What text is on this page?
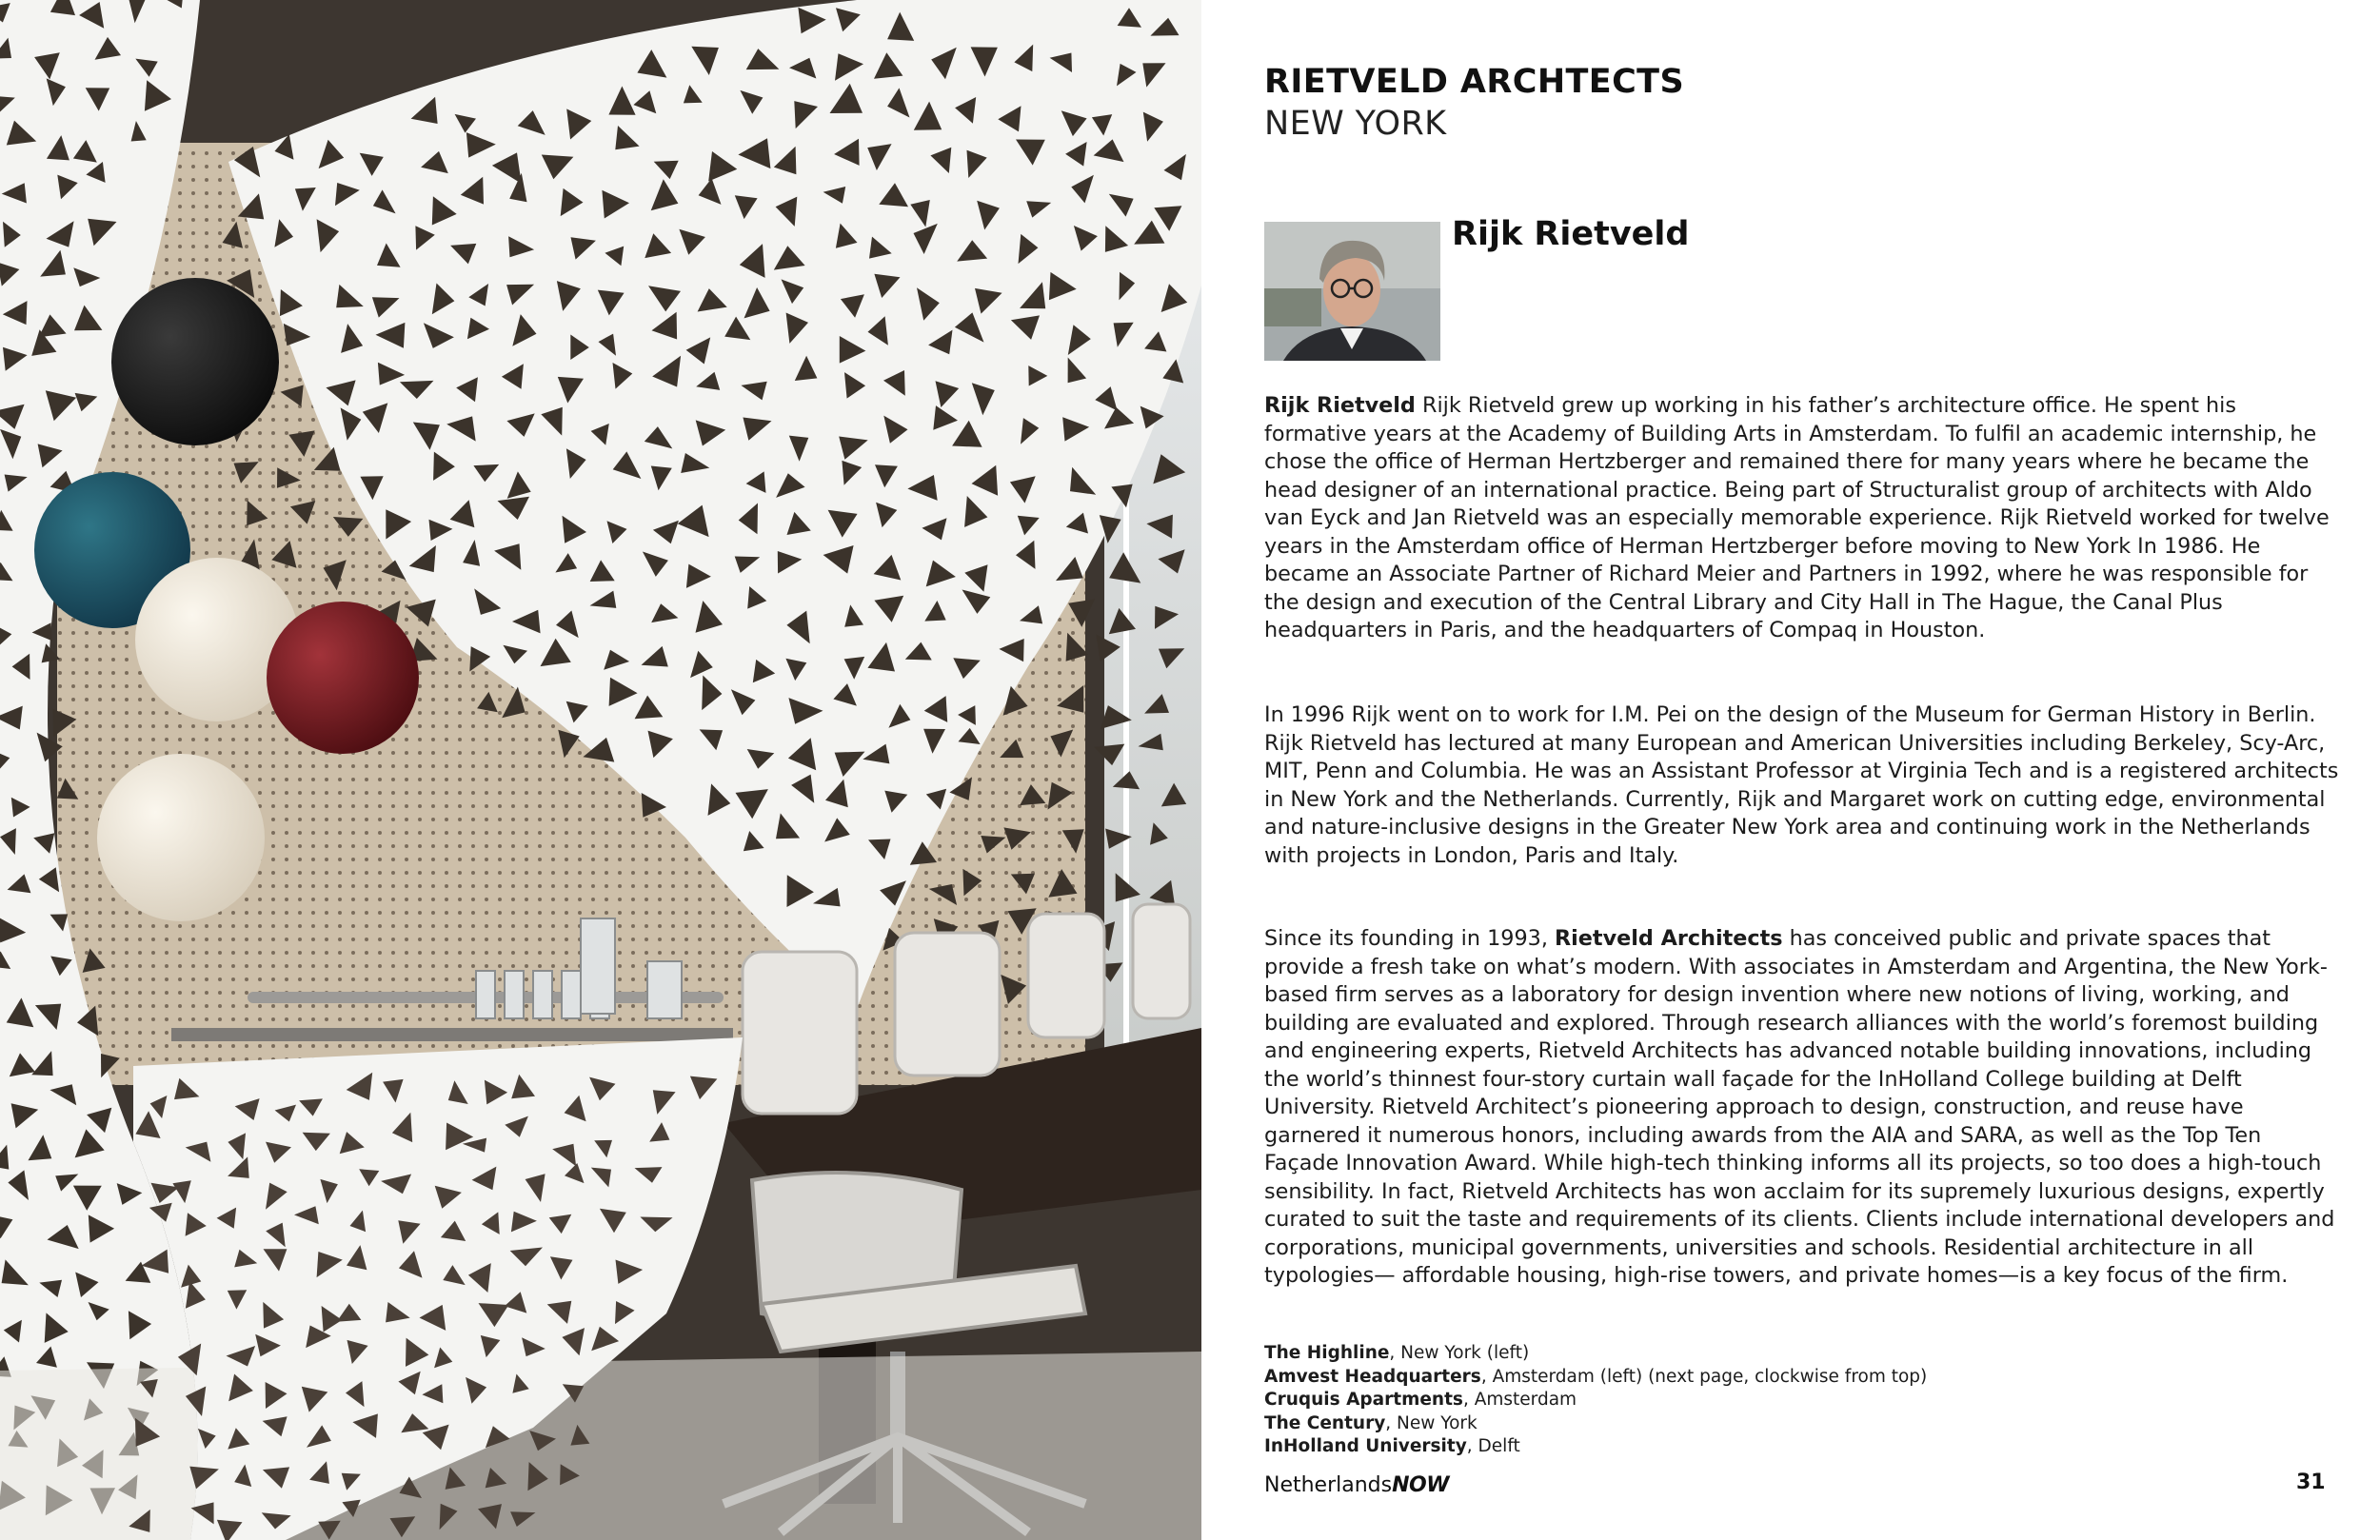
RIETVELD ARCHTECTS
NEW YORK
Rijk Rietveld

Rijk Rietveld Rijk Rietveld grew up working in his father’s architecture office. He spent his formative years at the Academy of Building Arts in Amsterdam. To fulfil an academic internship, he chose the office of Herman Hertzberger and remained there for many years where he became the head designer of an international practice. Being part of Structuralist group of architects with Aldo van Eyck and Jan Rietveld was an especially memorable experience. Rijk Rietveld worked for twelve years in the Amsterdam office of Herman Hertzberger before moving to New York In 1986. He became an Associate Partner of Richard Meier and Partners in 1992, where he was responsible for the design and execution of the Central Library and City Hall in The Hague, the Canal Plus headquarters in Paris, and the headquarters of Compaq in Houston.

In 1996 Rijk went on to work for I.M. Pei on the design of the Museum for German History in Berlin. Rijk Rietveld has lectured at many European and American Universities including Berkeley, Scy-Arc, MIT, Penn and Columbia. He was an Assistant Professor at Virginia Tech and is a registered architects in New York and the Netherlands. Currently, Rijk and Margaret work on cutting edge, environmental and nature-inclusive designs in the Greater New York area and continuing work in the Netherlands with projects in London, Paris and Italy.

Since its founding in 1993, Rietveld Architects has conceived public and private spaces that provide a fresh take on what’s modern. With associates in Amsterdam and Argentina, the New York-based firm serves as a laboratory for design invention where new notions of living, working, and building are evaluated and explored. Through research alliances with the world’s foremost building and engineering experts, Rietveld Architects has advanced notable building innovations, including the world’s thinnest four-story curtain wall façade for the InHolland College building at Delft University. Rietveld Architect’s pioneering approach to design, construction, and reuse have garnered it numerous honors, including awards from the AIA and SARA, as well as the Top Ten Façade Innovation Award. While high-tech thinking informs all its projects, so too does a high-touch sensibility. In fact, Rietveld Architects has won acclaim for its supremely luxurious designs, expertly curated to suit the taste and requirements of its clients. Clients include international developers and corporations, municipal governments, universities and schools. Residential architecture in all typologies— affordable housing, high-rise towers, and private homes—is a key focus of the firm.

The Highline, New York (left)
Amvest Headquarters, Amsterdam (left) (next page, clockwise from top)
Cruquis Apartments, Amsterdam
The Century, New York
InHolland University, Delft
NetherlandsNOW	31
